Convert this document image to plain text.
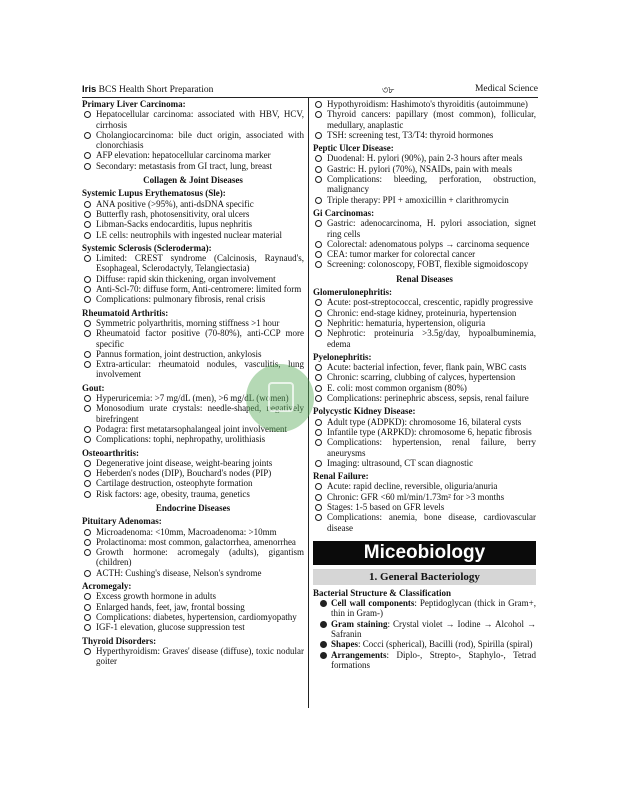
Iris BCS Health Short Preparation	৩৮	Medical Science
Primary Liver Carcinoma:
Hepatocellular carcinoma: associated with HBV, HCV, cirrhosis
Cholangiocarcinoma: bile duct origin, associated with clonorchiasis
AFP elevation: hepatocellular carcinoma marker
Secondary: metastasis from GI tract, lung, breast
Collagen & Joint Diseases
Systemic Lupus Erythematosus (Sle):
ANA positive (>95%), anti-dsDNA specific
Butterfly rash, photosensitivity, oral ulcers
Libman-Sacks endocarditis, lupus nephritis
LE cells: neutrophils with ingested nuclear material
Systemic Sclerosis (Scleroderma):
Limited: CREST syndrome (Calcinosis, Raynaud's, Esophageal, Sclerodactyly, Telangiectasia)
Diffuse: rapid skin thickening, organ involvement
Anti-Scl-70: diffuse form, Anti-centromere: limited form
Complications: pulmonary fibrosis, renal crisis
Rheumatoid Arthritis:
Symmetric polyarthritis, morning stiffness >1 hour
Rheumatoid factor positive (70-80%), anti-CCP more specific
Pannus formation, joint destruction, ankylosis
Extra-articular: rheumatoid nodules, vasculitis, lung involvement
Gout:
Hyperuricemia: >7 mg/dL (men), >6 mg/dL (women)
Monosodium urate crystals: needle-shaped, negatively birefringent
Podagra: first metatarsophalangeal joint involvement
Complications: tophi, nephropathy, urolithiasis
Osteoarthritis:
Degenerative joint disease, weight-bearing joints
Heberden's nodes (DIP), Bouchard's nodes (PIP)
Cartilage destruction, osteophyte formation
Risk factors: age, obesity, trauma, genetics
Endocrine Diseases
Pituitary Adenomas:
Microadenoma: <10mm, Macroadenoma: >10mm
Prolactinoma: most common, galactorrhea, amenorrhea
Growth hormone: acromegaly (adults), gigantism (children)
ACTH: Cushing's disease, Nelson's syndrome
Acromegaly:
Excess growth hormone in adults
Enlarged hands, feet, jaw, frontal bossing
Complications: diabetes, hypertension, cardiomyopathy
IGF-1 elevation, glucose suppression test
Thyroid Disorders:
Hyperthyroidism: Graves' disease (diffuse), toxic nodular goiter
Hypothyroidism: Hashimoto's thyroiditis (autoimmune)
Thyroid cancers: papillary (most common), follicular, medullary, anaplastic
TSH: screening test, T3/T4: thyroid hormones
Peptic Ulcer Disease:
Duodenal: H. pylori (90%), pain 2-3 hours after meals
Gastric: H. pylori (70%), NSAIDs, pain with meals
Complications: bleeding, perforation, obstruction, malignancy
Triple therapy: PPI + amoxicillin + clarithromycin
Gi Carcinomas:
Gastric: adenocarcinoma, H. pylori association, signet ring cells
Colorectal: adenomatous polyps → carcinoma sequence
CEA: tumor marker for colorectal cancer
Screening: colonoscopy, FOBT, flexible sigmoidoscopy
Renal Diseases
Glomerulonephritis:
Acute: post-streptococcal, crescentic, rapidly progressive
Chronic: end-stage kidney, proteinuria, hypertension
Nephritic: hematuria, hypertension, oliguria
Nephrotic: proteinuria >3.5g/day, hypoalbuminemia, edema
Pyelonephritis:
Acute: bacterial infection, fever, flank pain, WBC casts
Chronic: scarring, clubbing of calyces, hypertension
E. coli: most common organism (80%)
Complications: perinephric abscess, sepsis, renal failure
Polycystic Kidney Disease:
Adult type (ADPKD): chromosome 16, bilateral cysts
Infantile type (ARPKD): chromosome 6, hepatic fibrosis
Complications: hypertension, renal failure, berry aneurysms
Imaging: ultrasound, CT scan diagnostic
Renal Failure:
Acute: rapid decline, reversible, oliguria/anuria
Chronic: GFR <60 ml/min/1.73m² for >3 months
Stages: 1-5 based on GFR levels
Complications: anemia, bone disease, cardiovascular disease
Miceobiology
1. General Bacteriology
Bacterial Structure & Classification
Cell wall components: Peptidoglycan (thick in Gram+, thin in Gram-)
Gram staining: Crystal violet → Iodine → Alcohol → Safranin
Shapes: Cocci (spherical), Bacilli (rod), Spirilla (spiral)
Arrangements: Diplo-, Strepto-, Staphylo-, Tetrad formations
